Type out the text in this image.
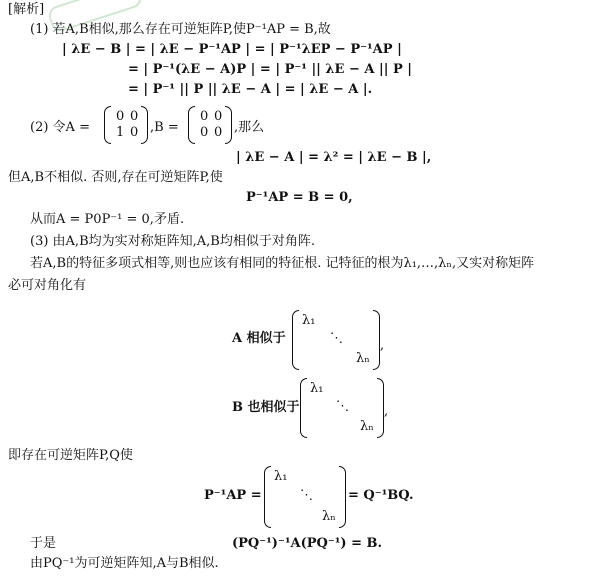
[解析]
(1) 若A,B相似,那么存在可逆矩阵P,使P⁻¹AP = B,故
| λE − B | = | λE − P⁻¹AP | = | P⁻¹λEP − P⁻¹AP |
= | P⁻¹(λE − A)P | = | P⁻¹ || λE − A || P |
= | P⁻¹ || P || λE − A | = | λE − A |.
(2) 令A =
0 0
1 0 ,B =
0 0
0 0 ,那么
| λE − A | = λ² = | λE − B |,
但A,B不相似. 否则,存在可逆矩阵P,使
P⁻¹AP = B = 0,
从而A = P0P⁻¹ = 0,矛盾.
(3) 由A,B均为实对称矩阵知,A,B均相似于对角阵.
若A,B的特征多项式相等,则也应该有相同的特征根. 记特征的根为λ₁,…,λₙ,又实对称矩阵
必可对角化有
A 相似于
λ₁
⋱
λₙ
,
B 也相似于
λ₁
⋱
λₙ
,
即存在可逆矩阵P,Q使
P⁻¹AP =
λ₁
⋱
λₙ
= Q⁻¹BQ.
于是	(PQ⁻¹)⁻¹A(PQ⁻¹) = B.
由PQ⁻¹为可逆矩阵知,A与B相似.
